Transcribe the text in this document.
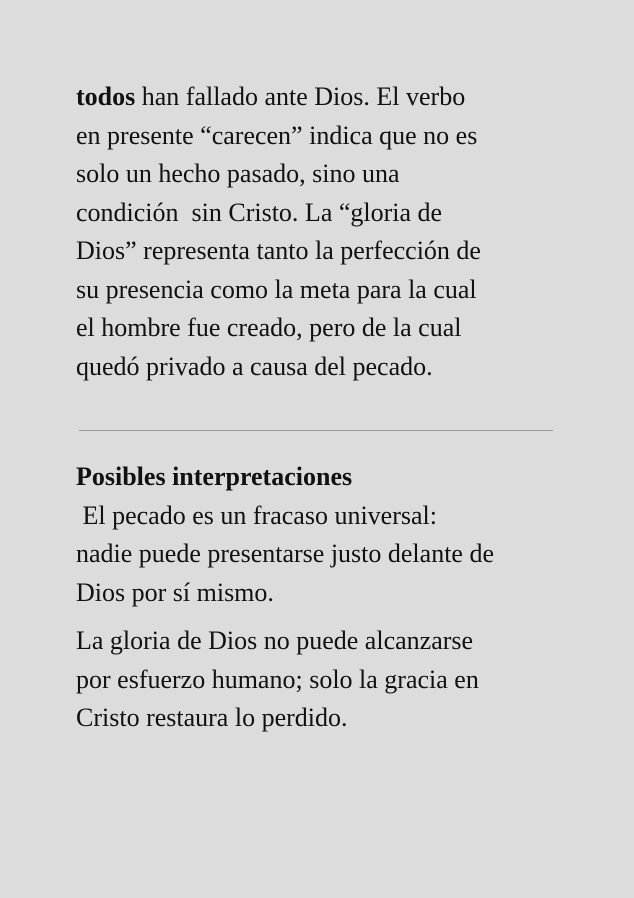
todos han fallado ante Dios. El verbo
en presente “carecen” indica que no es
solo un hecho pasado, sino una
condición  sin Cristo. La “gloria de
Dios” representa tanto la perfección de
su presencia como la meta para la cual
el hombre fue creado, pero de la cual
quedó privado a causa del pecado.

Posibles interpretaciones

El pecado es un fracaso universal:
nadie puede presentarse justo delante de
Dios por sí mismo.

La gloria de Dios no puede alcanzarse
por esfuerzo humano; solo la gracia en
Cristo restaura lo perdido.
